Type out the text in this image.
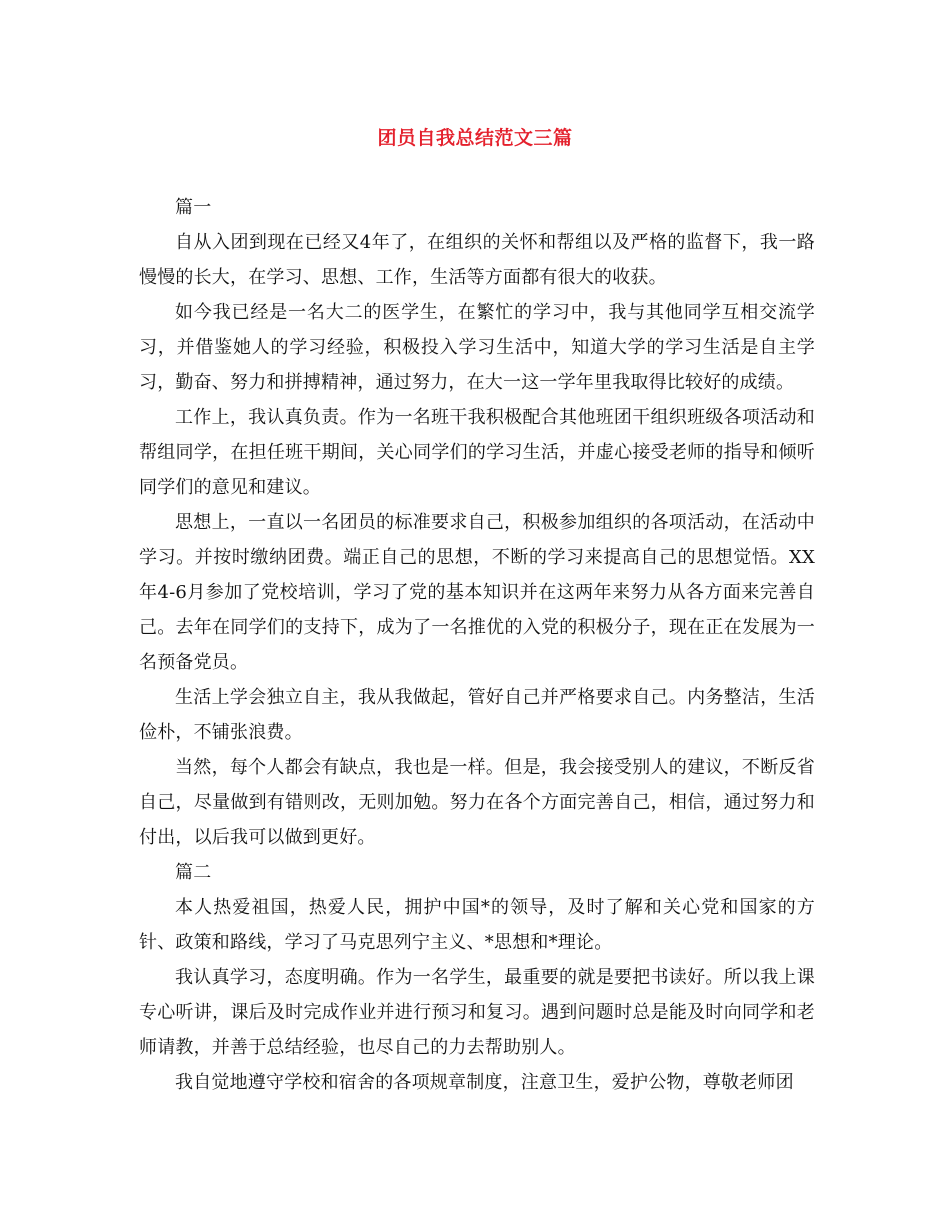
团员自我总结范文三篇

篇一

自从入团到现在已经又4年了，在组织的关怀和帮组以及严格的监督下，我一路慢慢的长大，在学习、思想、工作，生活等方面都有很大的收获。

如今我已经是一名大二的医学生，在繁忙的学习中，我与其他同学互相交流学习，并借鉴她人的学习经验，积极投入学习生活中，知道大学的学习生活是自主学习，勤奋、努力和拼搏精神，通过努力，在大一这一学年里我取得比较好的成绩。

工作上，我认真负责。作为一名班干我积极配合其他班团干组织班级各项活动和帮组同学，在担任班干期间，关心同学们的学习生活，并虚心接受老师的指导和倾听同学们的意见和建议。

思想上，一直以一名团员的标准要求自己，积极参加组织的各项活动，在活动中学习。并按时缴纳团费。端正自己的思想，不断的学习来提高自己的思想觉悟。XX年4-6月参加了党校培训，学习了党的基本知识并在这两年来努力从各方面来完善自己。去年在同学们的支持下，成为了一名推优的入党的积极分子，现在正在发展为一名预备党员。

生活上学会独立自主，我从我做起，管好自己并严格要求自己。内务整洁，生活俭朴，不铺张浪费。

当然，每个人都会有缺点，我也是一样。但是，我会接受别人的建议，不断反省自己，尽量做到有错则改，无则加勉。努力在各个方面完善自己，相信，通过努力和付出，以后我可以做到更好。

篇二

本人热爱祖国，热爱人民，拥护中国*的领导，及时了解和关心党和国家的方针、政策和路线，学习了马克思列宁主义、*思想和*理论。

我认真学习，态度明确。作为一名学生，最重要的就是要把书读好。所以我上课专心听讲，课后及时完成作业并进行预习和复习。遇到问题时总是能及时向同学和老师请教，并善于总结经验，也尽自己的力去帮助别人。

我自觉地遵守学校和宿舍的各项规章制度，注意卫生，爱护公物，尊敬老师团
